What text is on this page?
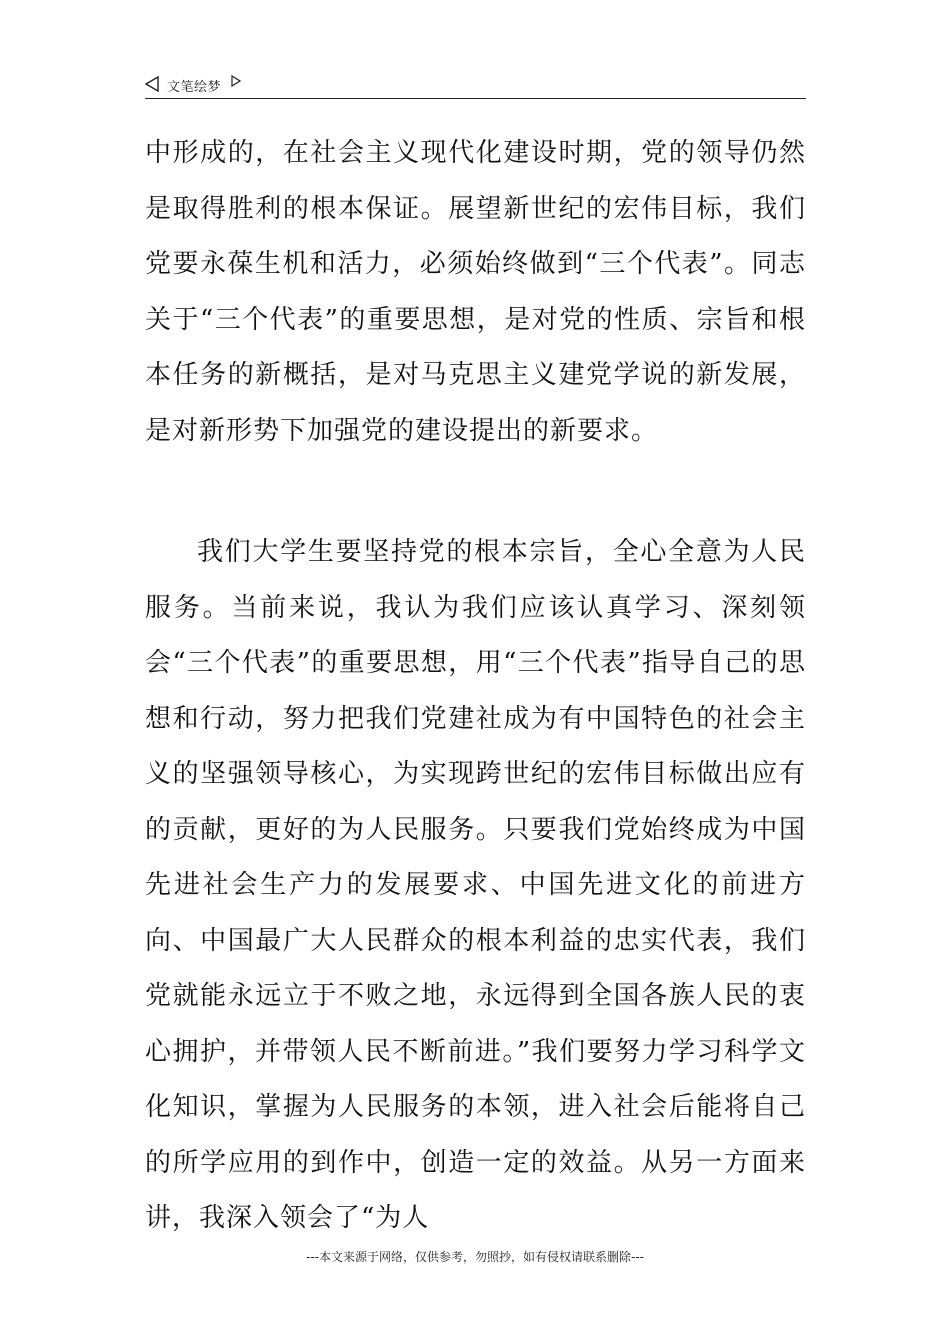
文笔绘梦
中形成的，在社会主义现代化建设时期，党的领导仍然是取得胜利的根本保证。展望新世纪的宏伟目标，我们党要永葆生机和活力，必须始终做到“三个代表”。同志关于“三个代表”的重要思想，是对党的性质、宗旨和根本任务的新概括，是对马克思主义建党学说的新发展，是对新形势下加强党的建设提出的新要求。
我们大学生要坚持党的根本宗旨，全心全意为人民服务。当前来说，我认为我们应该认真学习、深刻领会“三个代表”的重要思想，用“三个代表”指导自己的思想和行动，努力把我们党建社成为有中国特色的社会主义的坚强领导核心，为实现跨世纪的宏伟目标做出应有的贡献，更好的为人民服务。只要我们党始终成为中国先进社会生产力的发展要求、中国先进文化的前进方向、中国最广大人民群众的根本利益的忠实代表，我们党就能永远立于不败之地，永远得到全国各族人民的衷心拥护，并带领人民不断前进。”我们要努力学习科学文化知识，掌握为人民服务的本领，进入社会后能将自己的所学应用的到作中，创造一定的效益。从另一方面来讲，我深入领会了“为人
---本文来源于网络，仅供参考，勿照抄，如有侵权请联系删除---
